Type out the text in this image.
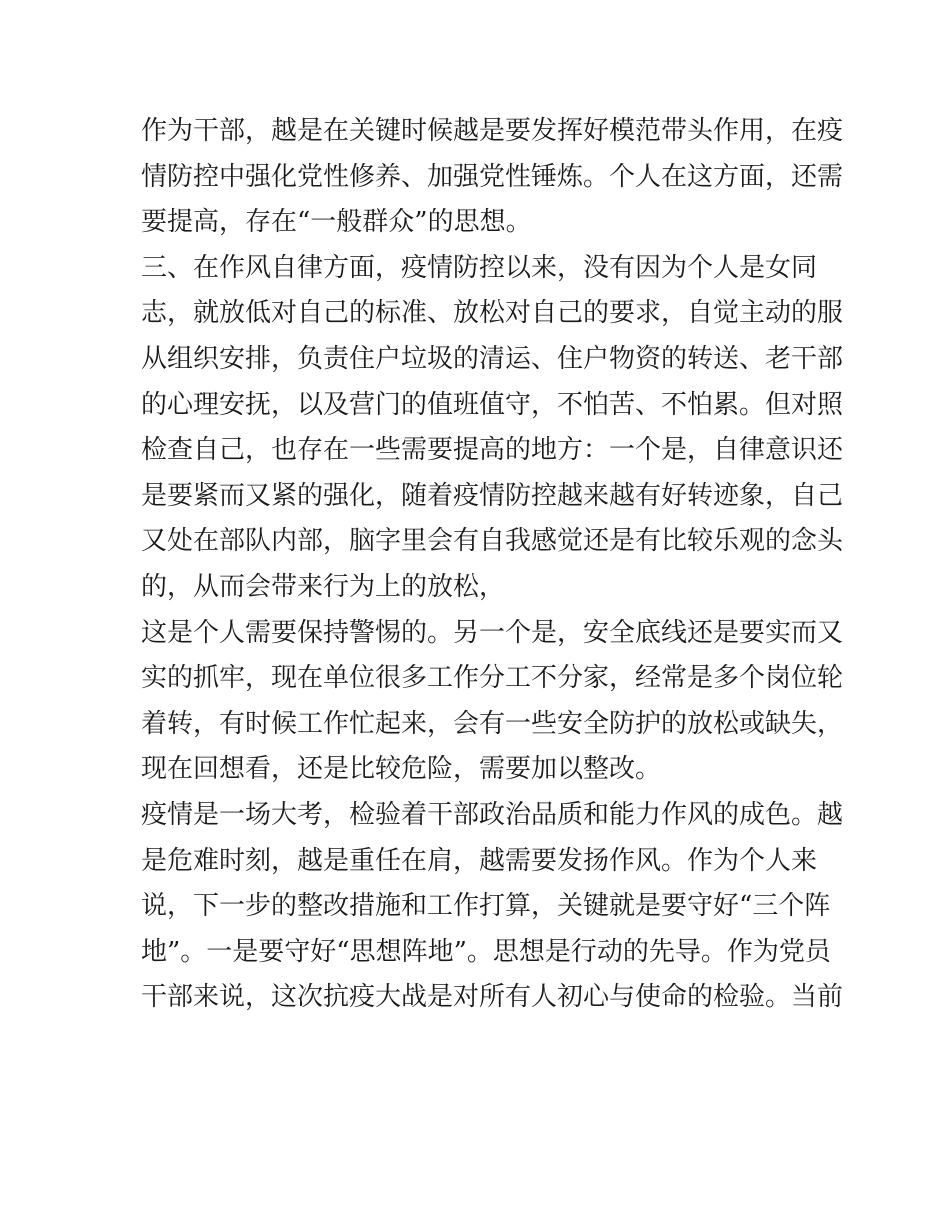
作为干部，越是在关键时候越是要发挥好模范带头作用，在疫
情防控中强化党性修养、加强党性锤炼。个人在这方面，还需
要提高，存在“一般群众”的思想。
三、在作风自律方面，疫情防控以来，没有因为个人是女同
志，就放低对自己的标准、放松对自己的要求，自觉主动的服
从组织安排，负责住户垃圾的清运、住户物资的转送、老干部
的心理安抚，以及营门的值班值守，不怕苦、不怕累。但对照
检查自己，也存在一些需要提高的地方：一个是，自律意识还
是要紧而又紧的强化，随着疫情防控越来越有好转迹象，自己
又处在部队内部，脑字里会有自我感觉还是有比较乐观的念头
的，从而会带来行为上的放松，
这是个人需要保持警惕的。另一个是，安全底线还是要实而又
实的抓牢，现在单位很多工作分工不分家，经常是多个岗位轮
着转，有时候工作忙起来，会有一些安全防护的放松或缺失，
现在回想看，还是比较危险，需要加以整改。
疫情是一场大考，检验着干部政治品质和能力作风的成色。越
是危难时刻，越是重任在肩，越需要发扬作风。作为个人来
说，下一步的整改措施和工作打算，关键就是要守好“三个阵
地”。一是要守好“思想阵地”。思想是行动的先导。作为党员
干部来说，这次抗疫大战是对所有人初心与使命的检验。当前
